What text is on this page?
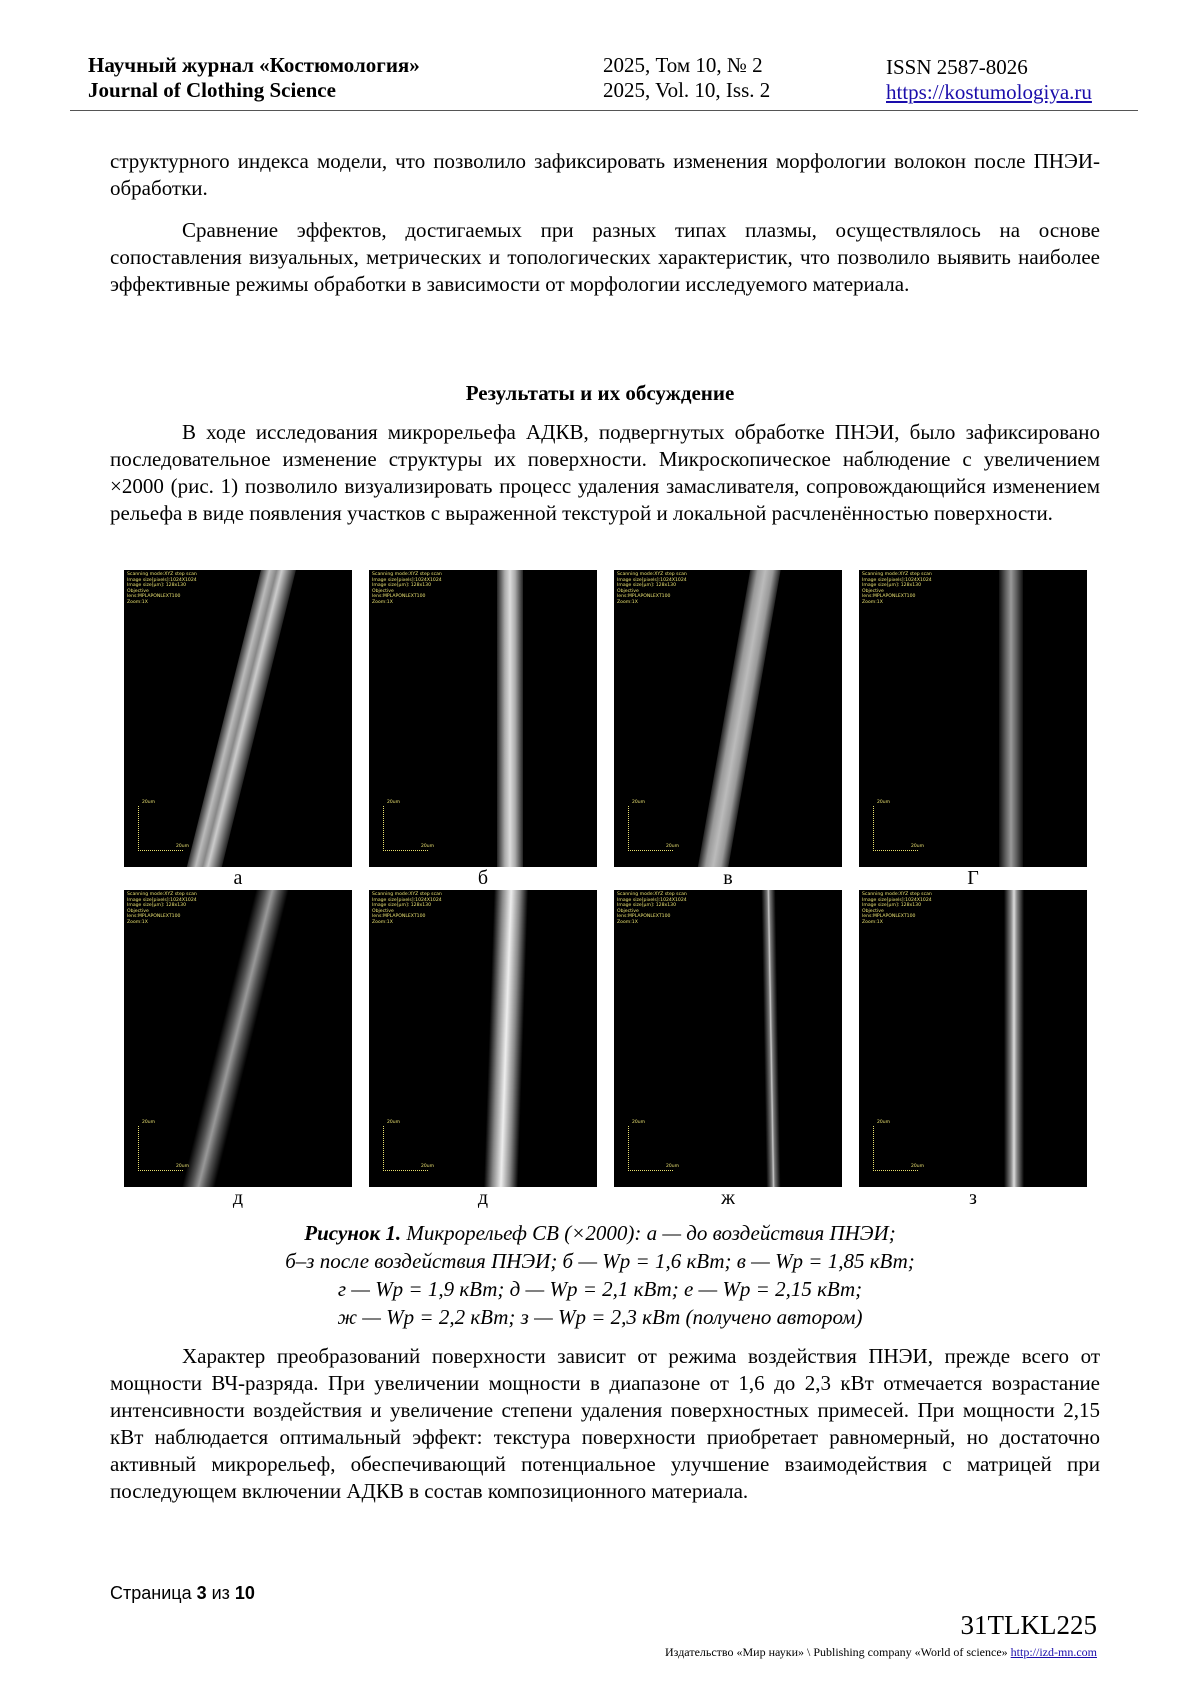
Научный журнал «Костюмология»
Journal of Clothing Science
2025, Том 10, № 2
2025, Vol. 10, Iss. 2
ISSN 2587-8026
https://kostumologiya.ru
структурного индекса модели, что позволило зафиксировать изменения морфологии волокон после ПНЭИ-обработки.
Сравнение эффектов, достигаемых при разных типах плазмы, осуществлялось на основе сопоставления визуальных, метрических и топологических характеристик, что позволило выявить наиболее эффективные режимы обработки в зависимости от морфологии исследуемого материала.
Результаты и их обсуждение
В ходе исследования микрорельефа АДКВ, подвергнутых обработке ПНЭИ, было зафиксировано последовательное изменение структуры их поверхности. Микроскопическое наблюдение с увеличением ×2000 (рис. 1) позволило визуализировать процесс удаления замасливателя, сопровождающийся изменением рельефа в виде появления участков с выраженной текстурой и локальной расчленённостью поверхности.
Scanning mode:XYZ step scan
Image size[pixels]:1024X1024
Image size[μm]: 128x130
Objective
lens:MPLAPONLEXT100
Zoom:1X
20um
20um
а
Scanning mode:XYZ step scan
Image size[pixels]:1024X1024
Image size[μm]: 128x130
Objective
lens:MPLAPONLEXT100
Zoom:1X
20um
20um
б
Scanning mode:XYZ step scan
Image size[pixels]:1024X1024
Image size[μm]: 128x130
Objective
lens:MPLAPONLEXT100
Zoom:1X
20um
20um
в
Scanning mode:XYZ step scan
Image size[pixels]:1024X1024
Image size[μm]: 128x130
Objective
lens:MPLAPONLEXT100
Zoom:1X
20um
20um
Г
Scanning mode:XYZ step scan
Image size[pixels]:1024X1024
Image size[μm]: 128x130
Objective
lens:MPLAPONLEXT100
Zoom:1X
20um
20um
д
Scanning mode:XYZ step scan
Image size[pixels]:1024X1024
Image size[μm]: 128x130
Objective
lens:MPLAPONLEXT100
Zoom:1X
20um
20um
д
Scanning mode:XYZ step scan
Image size[pixels]:1024X1024
Image size[μm]: 128x130
Objective
lens:MPLAPONLEXT100
Zoom:1X
20um
20um
ж
Scanning mode:XYZ step scan
Image size[pixels]:1024X1024
Image size[μm]: 128x130
Objective
lens:MPLAPONLEXT100
Zoom:1X
20um
20um
з
Рисунок 1. Микрорельеф СВ (×2000): а — до воздействия ПНЭИ;
б–з после воздействия ПНЭИ; б — Wp = 1,6 кВт; в — Wp = 1,85 кВт;
г — Wp = 1,9 кВт; д — Wp = 2,1 кВт; е — Wp = 2,15 кВт;
ж — Wp = 2,2 кВт; з — Wp = 2,3 кВт (получено автором)
Характер преобразований поверхности зависит от режима воздействия ПНЭИ, прежде всего от мощности ВЧ-разряда. При увеличении мощности в диапазоне от 1,6 до 2,3 кВт отмечается возрастание интенсивности воздействия и увеличение степени удаления поверхностных примесей. При мощности 2,15 кВт наблюдается оптимальный эффект: текстура поверхности приобретает равномерный, но достаточно активный микрорельеф, обеспечивающий потенциальное улучшение взаимодействия с матрицей при последующем включении АДКВ в состав композиционного материала.
Страница 3 из 10
31TLKL225
Издательство «Мир науки» \ Publishing company «World of science» http://izd-mn.com
